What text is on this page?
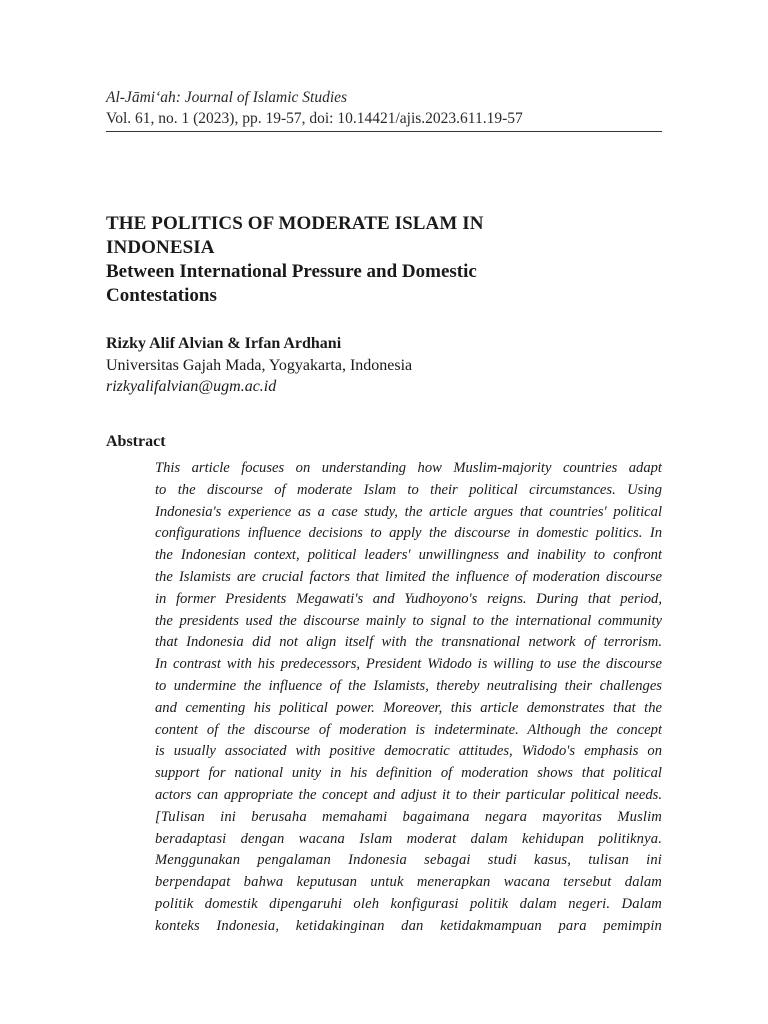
Al-Jāmi‘ah: Journal of Islamic Studies
Vol. 61, no. 1 (2023), pp. 19-57, doi: 10.14421/ajis.2023.611.19-57
THE POLITICS OF MODERATE ISLAM IN
INDONESIA
Between International Pressure and Domestic
Contestations
Rizky Alif Alvian & Irfan Ardhani
Universitas Gajah Mada, Yogyakarta, Indonesia
rizkyalifalvian@ugm.ac.id
Abstract
This article focuses on understanding how Muslim-majority countries adapt
to the discourse of moderate Islam to their political circumstances. Using
Indonesia's experience as a case study, the article argues that countries' political
configurations influence decisions to apply the discourse in domestic politics. In
the Indonesian context, political leaders' unwillingness and inability to confront
the Islamists are crucial factors that limited the influence of moderation discourse
in former Presidents Megawati's and Yudhoyono's reigns. During that period,
the presidents used the discourse mainly to signal to the international community
that Indonesia did not align itself with the transnational network of terrorism.
In contrast with his predecessors, President Widodo is willing to use the discourse
to undermine the influence of the Islamists, thereby neutralising their challenges
and cementing his political power. Moreover, this article demonstrates that the
content of the discourse of moderation is indeterminate. Although the concept
is usually associated with positive democratic attitudes, Widodo's emphasis on
support for national unity in his definition of moderation shows that political
actors can appropriate the concept and adjust it to their particular political needs.
[Tulisan ini berusaha memahami bagaimana negara mayoritas Muslim
beradaptasi dengan wacana Islam moderat dalam kehidupan politiknya.
Menggunakan pengalaman Indonesia sebagai studi kasus, tulisan ini
berpendapat bahwa keputusan untuk menerapkan wacana tersebut dalam
politik domestik dipengaruhi oleh konfigurasi politik dalam negeri. Dalam
konteks Indonesia, ketidakinginan dan ketidakmampuan para pemimpin
